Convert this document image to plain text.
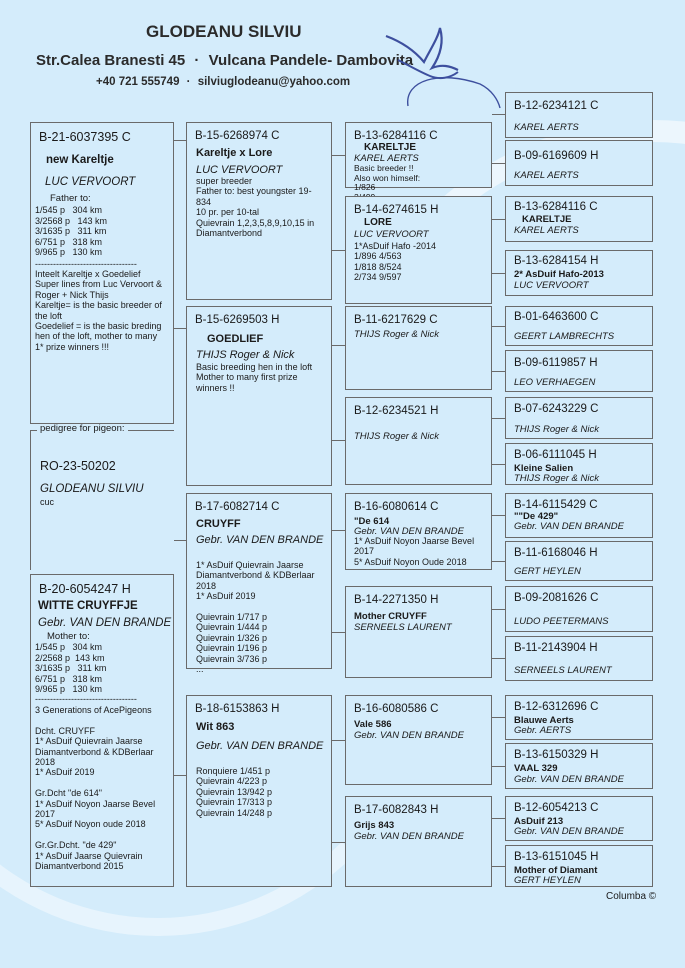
GLODEANU SILVIU
Str.Calea Branesti 45 · Vulcana Pandele- Dambovita
+40 721 555749 · silviuglodeanu@yahoo.com
B-21-6037395 C
new Kareltje
LUC VERVOORT
Father to:
1/545 p   304 km
3/2568 p   143 km
3/1635 p   311 km
6/751 p   318 km
9/965 p   130 km
----------------------------------
Inteelt Kareltje x Goedelief
Super lines from Luc Vervoort &
Roger + Nick Thijs
Kareltje= is the basic breeder of
the loft
Goedelief = is the basic breding
hen of the loft, mother to many
1* prize winners !!!
pedigree for pigeon:
RO-23-50202
GLODEANU SILVIU
cuc
B-20-6054247 H
WITTE CRUYFFJE
Gebr. VAN DEN BRANDE
Mother to:
1/545 p   304 km
2/2568 p  143 km
3/1635 p   311 km
6/751 p   318 km
9/965 p   130 km
----------------------------------
3 Generations of AcePigeons

Dcht. CRUYFF
1* AsDuif Quievrain Jaarse
Diamantverbond & KDBerlaar
2018
1* AsDuif 2019

Gr.Dcht "de 614"
1* AsDuif Noyon Jaarse Bevel
2017
5* AsDuif Noyon oude 2018

Gr.Gr.Dcht. "de 429"
1* AsDuif Jaarse Quievrain
Diamantverbond 2015
B-15-6268974 C
Kareltje x Lore
LUC VERVOORT
super breeder
Father to: best youngster 19-
834
10 pr. per 10-tal
Quievrain 1,2,3,5,8,9,10,15 in
Diamantverbond
B-15-6269503 H
GOEDLIEF
THIJS Roger & Nick
Basic breeding hen in the loft
Mother to many first prize
winners !!
B-17-6082714 C
CRUYFF
Gebr. VAN DEN BRANDE
1* AsDuif Quievrain Jaarse
Diamantverbond & KDBerlaar
2018
1* AsDuif 2019

Quievrain 1/717 p
Quievrain 1/444 p
Quievrain 1/326 p
Quievrain 1/196 p
Quievrain 3/736 p
...
B-18-6153863 H
Wit 863
Gebr. VAN DEN BRANDE
Ronquiere 1/451 p
Quievrain 4/223 p
Quievrain 13/942 p
Quievrain 17/313 p
Quievrain 14/248 p
B-13-6284116 C
KARELTJE
KAREL AERTS
Basic breeder !!
Also won himself:
1/826

B-14-6274615 H
LORE
LUC VERVOORT
1*AsDuif Hafo -2014
1/896 4/563
1/818 8/524
2/734 9/597
B-11-6217629 C
THIJS Roger & Nick
B-12-6234521 H
THIJS Roger & Nick
B-16-6080614 C
"De 614
Gebr. VAN DEN BRANDE
1* AsDuif Noyon Jaarse Bevel
2017
5* AsDuif Noyon Oude 2018
B-14-2271350 H
Mother CRUYFF
SERNEELS LAURENT
B-16-6080586 C
Vale 586
Gebr. VAN DEN BRANDE
B-17-6082843 H
Grijs 843
Gebr. VAN DEN BRANDE
B-12-6234121 C
KAREL AERTS
B-09-6169609 H
KAREL AERTS
B-13-6284116 C
KARELTJE
KAREL AERTS
B-13-6284154 H
2* AsDuif Hafo-2013
LUC VERVOORT
B-01-6463600 C
GEERT LAMBRECHTS
B-09-6119857 H
LEO VERHAEGEN
B-07-6243229 C
THIJS Roger & Nick
B-06-6111045 H
Kleine Salien
THIJS Roger & Nick
B-14-6115429 C
""De 429"
Gebr. VAN DEN BRANDE
B-11-6168046 H
GERT HEYLEN
B-09-2081626 C
LUDO PEETERMANS
B-11-2143904 H
SERNEELS LAURENT
B-12-6312696 C
Blauwe Aerts
Gebr. AERTS
B-13-6150329 H
VAAL 329
Gebr. VAN DEN BRANDE
B-12-6054213 C
AsDuif 213
Gebr. VAN DEN BRANDE
B-13-6151045 H
Mother of Diamant
GERT HEYLEN
Columba ©
